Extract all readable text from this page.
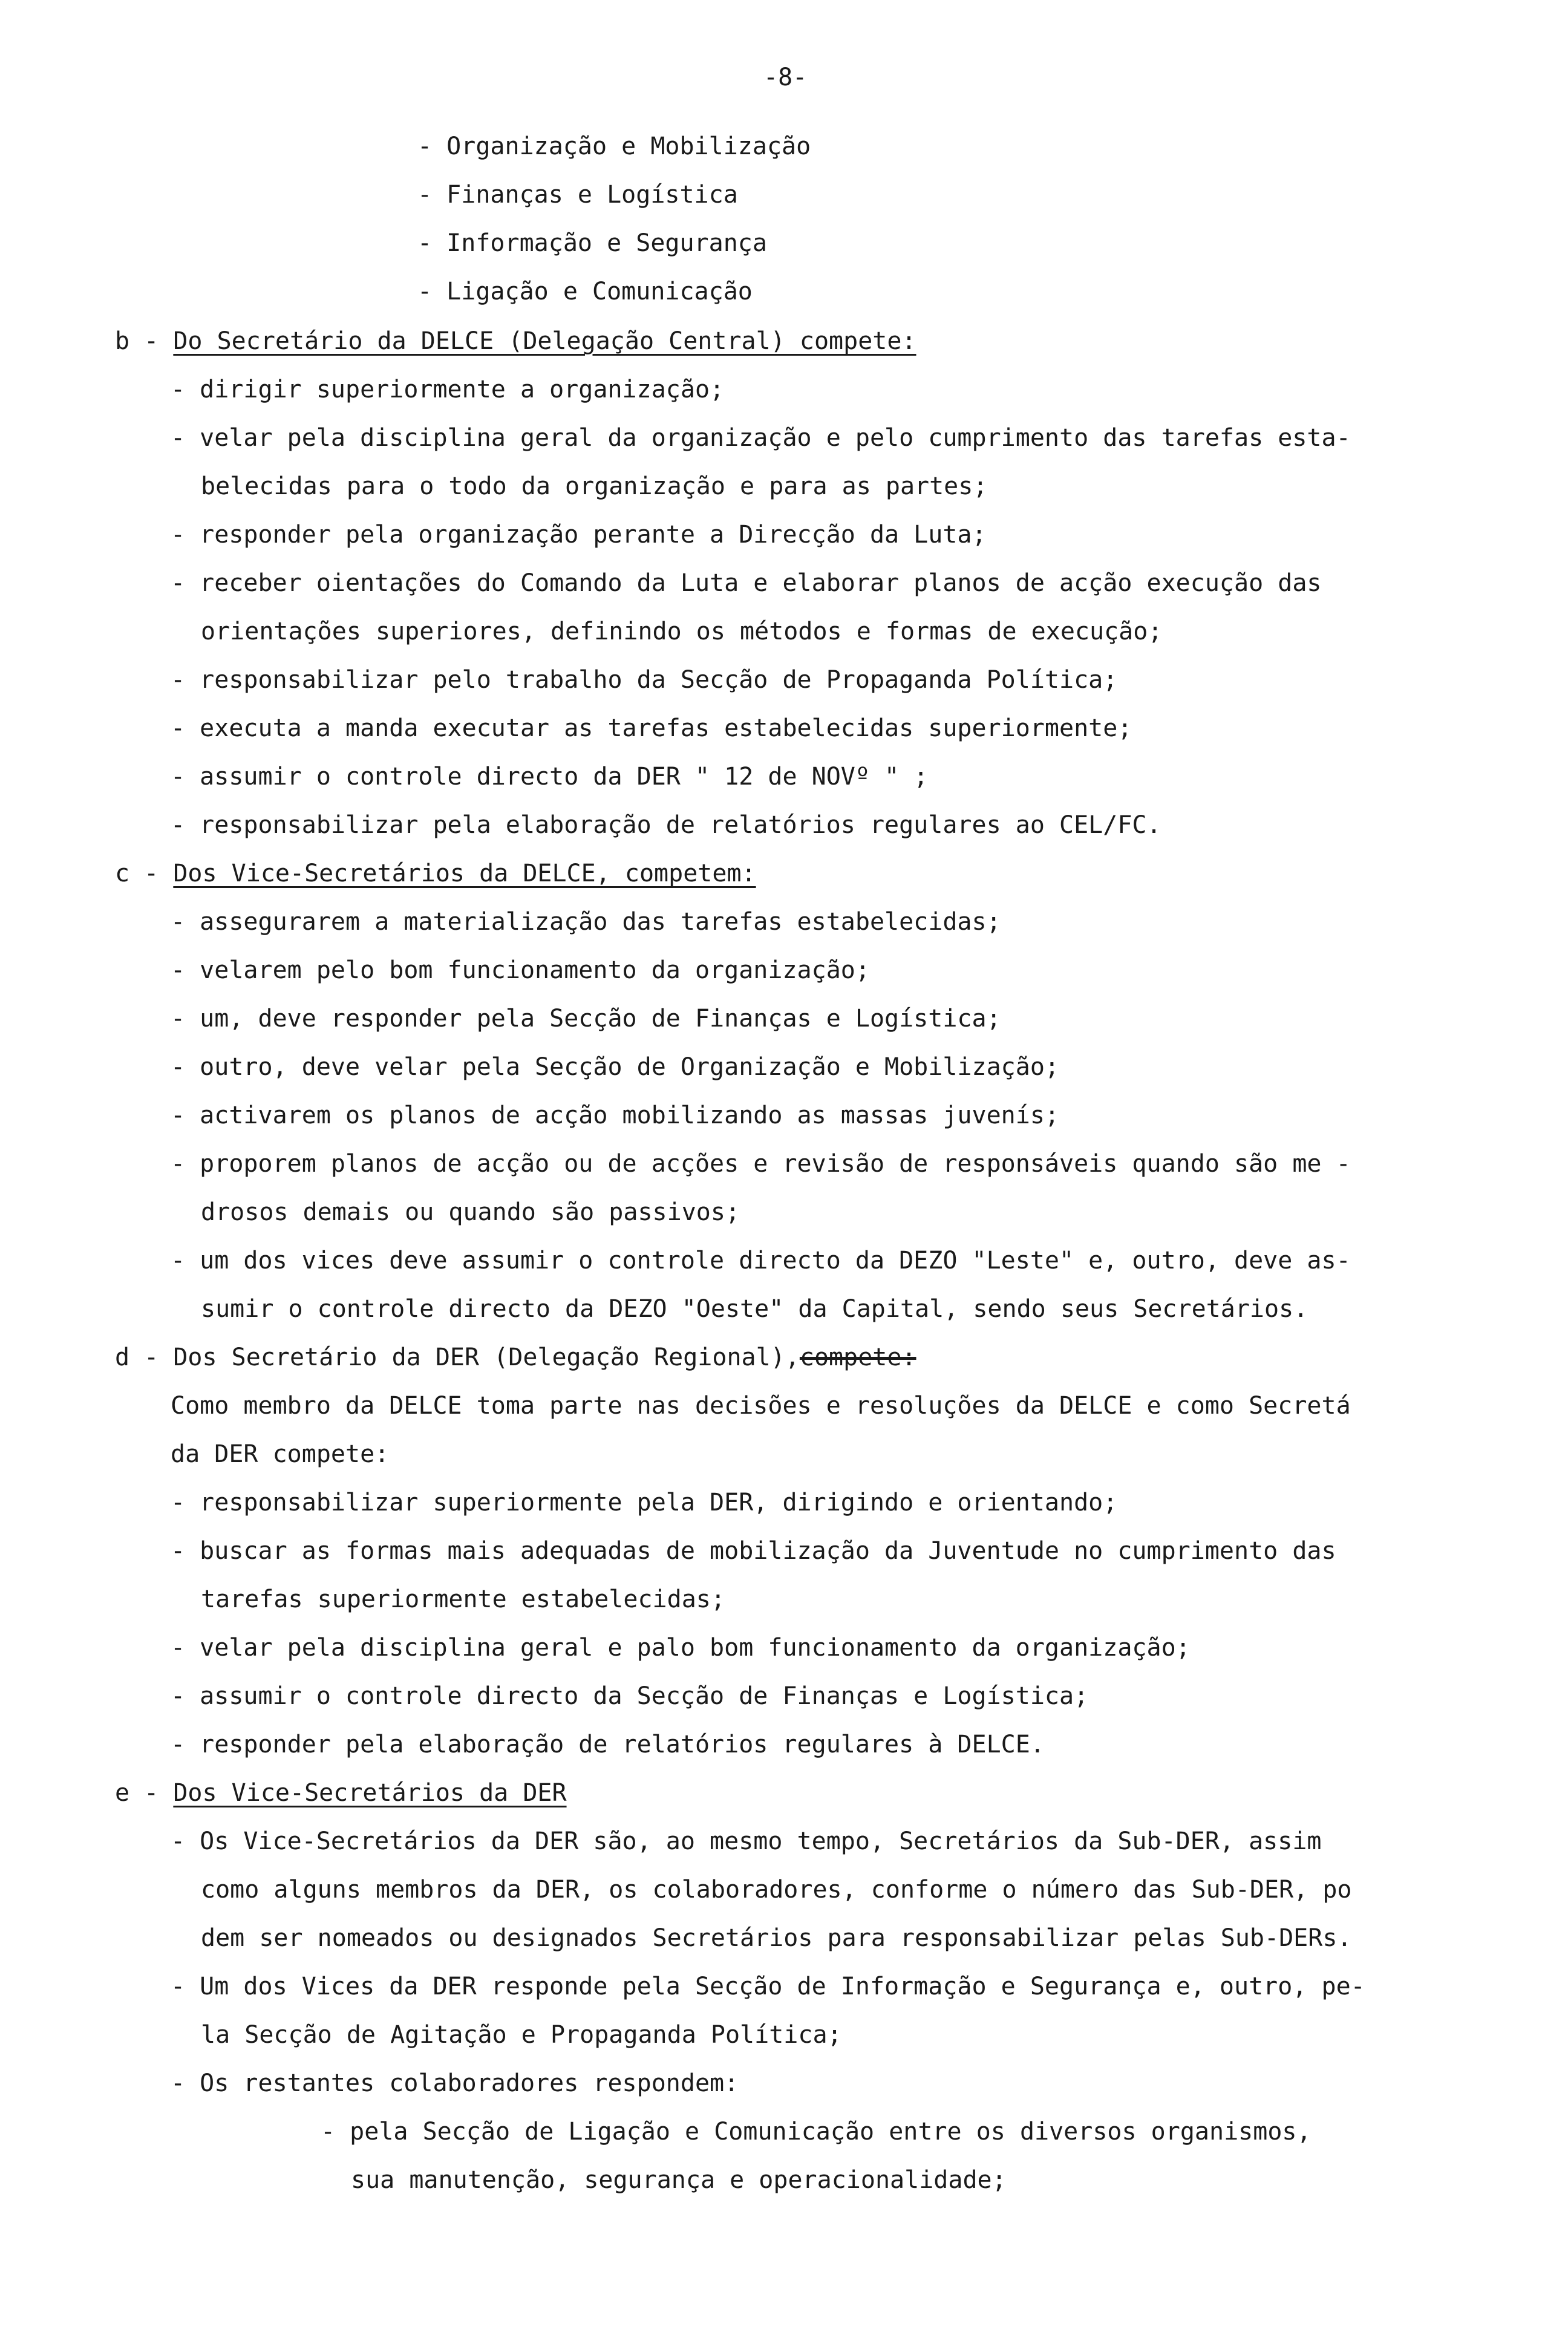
-8-
- Organização e Mobilização
- Finanças e Logística
- Informação e Segurança
- Ligação e Comunicação
b - Do Secretário da DELCE (Delegação Central) compete:
- dirigir superiormente a organização;
- velar pela disciplina geral da organização e pelo cumprimento das tarefas esta-
belecidas para o todo da organização e para as partes;
- responder pela organização perante a Direcção da Luta;
- receber oientações do Comando da Luta e elaborar planos de acção execução das
orientações superiores, definindo os métodos e formas de execução;
- responsabilizar pelo trabalho da Secção de Propaganda Política;
- executa a manda executar as tarefas estabelecidas superiormente;
- assumir o controle directo da DER " 12 de NOVº " ;
- responsabilizar pela elaboração de relatórios regulares ao CEL/FC.
c - Dos Vice-Secretários da DELCE, competem:
- assegurarem a materialização das tarefas estabelecidas;
- velarem pelo bom funcionamento da organização;
- um, deve responder pela Secção de Finanças e Logística;
- outro, deve velar pela Secção de Organização e Mobilização;
- activarem os planos de acção mobilizando as massas juvenís;
- proporem planos de acção ou de acções e revisão de responsáveis quando são me -
drosos demais ou quando são passivos;
- um dos vices deve assumir o controle directo da DEZO "Leste" e, outro, deve as-
sumir o controle directo da DEZO "Oeste" da Capital, sendo seus Secretários.
d - Dos Secretário da DER (Delegação Regional),compete:
Como membro da DELCE toma parte nas decisões e resoluções da DELCE e como Secretá
da DER compete:
- responsabilizar superiormente pela DER, dirigindo e orientando;
- buscar as formas mais adequadas de mobilização da Juventude no cumprimento das
tarefas superiormente estabelecidas;
- velar pela disciplina geral e palo bom funcionamento da organização;
- assumir o controle directo da Secção de Finanças e Logística;
- responder pela elaboração de relatórios regulares à DELCE.
e - Dos Vice-Secretários da DER
- Os Vice-Secretários da DER são, ao mesmo tempo, Secretários da Sub-DER, assim
como alguns membros da DER, os colaboradores, conforme o número das Sub-DER, po
dem ser nomeados ou designados Secretários para responsabilizar pelas Sub-DERs.
- Um dos Vices da DER responde pela Secção de Informação e Segurança e, outro, pe-
la Secção de Agitação e Propaganda Política;
- Os restantes colaboradores respondem:
- pela Secção de Ligação e Comunicação entre os diversos organismos,
sua manutenção, segurança e operacionalidade;
